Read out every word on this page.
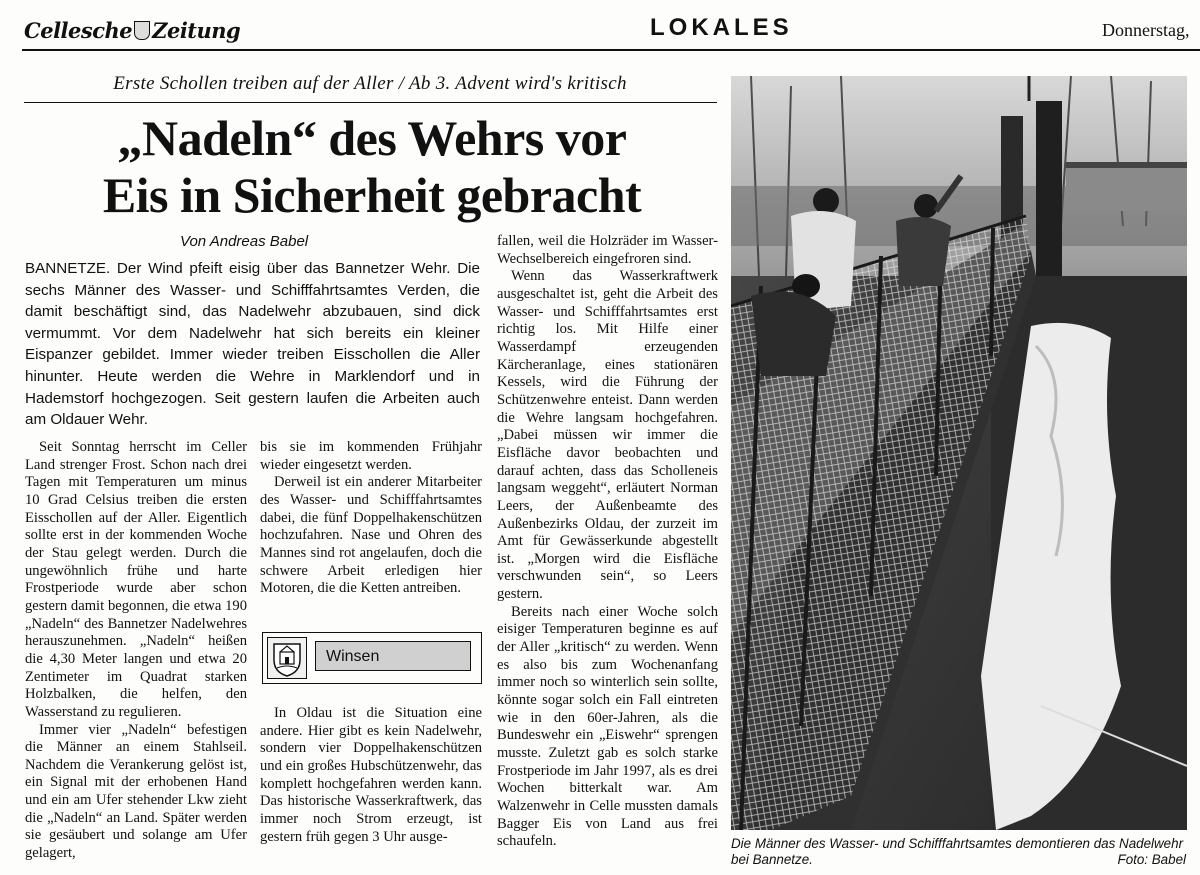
Cellesche Zeitung	LOKALES	Donnerstag,
Erste Schollen treiben auf der Aller / Ab 3. Advent wird's kritisch
„Nadeln“ des Wehrs vor
Eis in Sicherheit gebracht
Von Andreas Babel
BANNETZE. Der Wind pfeift eisig über das Bannetzer Wehr. Die sechs Männer des Wasser- und Schifffahrtsamtes Verden, die damit beschäftigt sind, das Nadelwehr abzubauen, sind dick vermummt. Vor dem Nadelwehr hat sich bereits ein kleiner Eispanzer gebildet. Immer wieder treiben Eisschollen die Aller hinunter. Heute werden die Wehre in Marklendorf und in Hademstorf hochgezogen. Seit gestern laufen die Arbeiten auch am Oldauer Wehr.

Seit Sonntag herrscht im Celler Land strenger Frost. Schon nach drei Tagen mit Temperaturen um minus 10 Grad Celsius treiben die ersten Eisschollen auf der Aller. Eigentlich sollte erst in der kommenden Woche der Stau gelegt werden. Durch die ungewöhnlich frühe und harte Frostperiode wurde aber schon gestern damit begonnen, die etwa 190 „Nadeln“ des Bannetzer Nadelwehres herauszunehmen. „Nadeln“ heißen die 4,30 Meter langen und etwa 20 Zentimeter im Quadrat starken Holzbalken, die helfen, den Wasserstand zu regulieren.

Immer vier „Nadeln“ befestigen die Männer an einem Stahlseil. Nachdem die Verankerung gelöst ist, ein Signal mit der erhobenen Hand und ein am Ufer stehender Lkw zieht die „Nadeln“ an Land. Später werden sie gesäubert und solange am Ufer gelagert,

bis sie im kommenden Frühjahr wieder eingesetzt werden.

Derweil ist ein anderer Mitarbeiter des Wasser- und Schifffahrtsamtes dabei, die fünf Doppelhakenschützen hochzufahren. Nase und Ohren des Mannes sind rot angelaufen, doch die schwere Arbeit erledigen hier Motoren, die die Ketten antreiben.

Winsen

In Oldau ist die Situation eine andere. Hier gibt es kein Nadelwehr, sondern vier Doppelhakenschützen und ein großes Hubschützenwehr, das komplett hochgefahren werden kann. Das historische Wasserkraftwerk, das immer noch Strom erzeugt, ist gestern früh gegen 3 Uhr ausge-

fallen, weil die Holzräder im Wasser-Wechselbereich eingefroren sind.

Wenn das Wasserkraftwerk ausgeschaltet ist, geht die Arbeit des Wasser- und Schifffahrtsamtes erst richtig los. Mit Hilfe einer Wasserdampf erzeugenden Kärcheranlage, eines stationären Kessels, wird die Führung der Schützenwehre enteist. Dann werden die Wehre langsam hochgefahren. „Dabei müssen wir immer die Eisfläche davor beobachten und darauf achten, dass das Scholleneis langsam weggeht“, erläutert Norman Leers, der Außenbeamte des Außenbezirks Oldau, der zurzeit im Amt für Gewässerkunde abgestellt ist. „Morgen wird die Eisfläche verschwunden sein“, so Leers gestern.

Bereits nach einer Woche solch eisiger Temperaturen beginne es auf der Aller „kritisch“ zu werden. Wenn es also bis zum Wochenanfang immer noch so winterlich sein sollte, könnte sogar solch ein Fall eintreten wie in den 60er-Jahren, als die Bundeswehr ein „Eiswehr“ sprengen musste. Zuletzt gab es solch starke Frostperiode im Jahr 1997, als es drei Wochen bitterkalt war. Am Walzenwehr in Celle mussten damals Bagger Eis von Land aus frei schaufeln.	Die Männer des Wasser- und Schifffahrtsamtes demontieren das Nadelwehr bei Bannetze.	Foto: Babel
